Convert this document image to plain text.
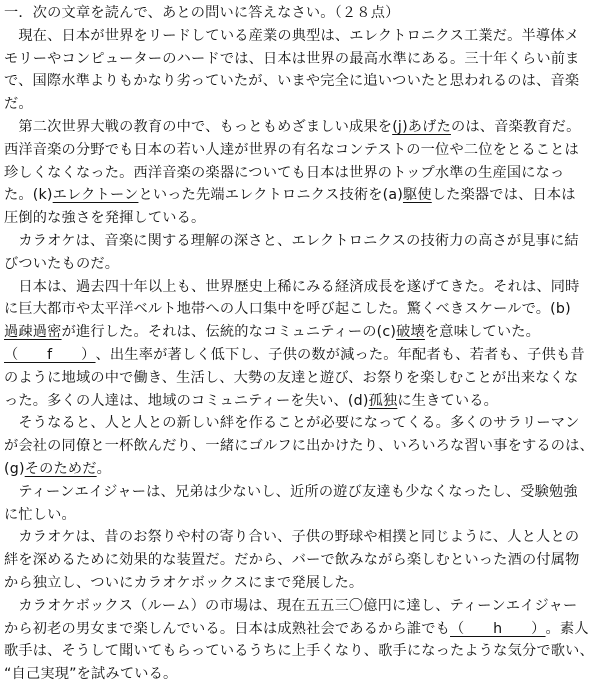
一．次の文章を読んで、あとの問いに答えなさい。（２８点）
　現在、日本が世界をリードしている産業の典型は、エレクトロニクス工業だ。半導体メ
モリーやコンピューターのハードでは、日本は世界の最高水準にある。三十年くらい前ま
で、国際水準よりもかなり劣っていたが、いまや完全に追いついたと思われるのは、音楽
だ。
　第二次世界大戦の教育の中で、もっともめざましい成果を(j)あげたのは、音楽教育だ。
西洋音楽の分野でも日本の若い人達が世界の有名なコンテストの一位や二位をとることは
珍しくなくなった。西洋音楽の楽器についても日本は世界のトップ水準の生産国になっ
た。(k)エレクトーンといった先端エレクトロニクス技術を(a)駆使した楽器では、日本は
圧倒的な強さを発揮している。
　カラオケは、音楽に関する理解の深さと、エレクトロニクスの技術力の高さが見事に結
びついたものだ。
　日本は、過去四十年以上も、世界歴史上稀にみる経済成長を遂げてきた。それは、同時
に巨大都市や太平洋ベルト地帯への人口集中を呼び起こした。驚くべきスケールで。(b)
過疎過密が進行した。それは、伝統的なコミュニティーの(c)破壊を意味していた。
（　　f　　）、出生率が著しく低下し、子供の数が減った。年配者も、若者も、子供も昔
のように地域の中で働き、生活し、大勢の友達と遊び、お祭りを楽しむことが出来なくな
った。多くの人達は、地域のコミュニティーを失い、(d)孤独に生きている。
　そうなると、人と人との新しい絆を作ることが必要になってくる。多くのサラリーマン
が会社の同僚と一杯飲んだり、一緒にゴルフに出かけたり、いろいろな習い事をするのは、
(g)そのためだ。
　ティーンエイジャーは、兄弟は少ないし、近所の遊び友達も少なくなったし、受験勉強
に忙しい。
　カラオケは、昔のお祭りや村の寄り合い、子供の野球や相撲と同じように、人と人との
絆を深めるために効果的な装置だ。だから、バーで飲みながら楽しむといった酒の付属物
から独立し、ついにカラオケボックスにまで発展した。
　カラオケボックス（ルーム）の市場は、現在五五三〇億円に達し、ティーンエイジャー
から初老の男女まで楽しんでいる。日本は成熟社会であるから誰でも（　　h　　）。素人
歌手は、そうして聞いてもらっているうちに上手くなり、歌手になったような気分で歌い、
“自己実現”を試みている。
